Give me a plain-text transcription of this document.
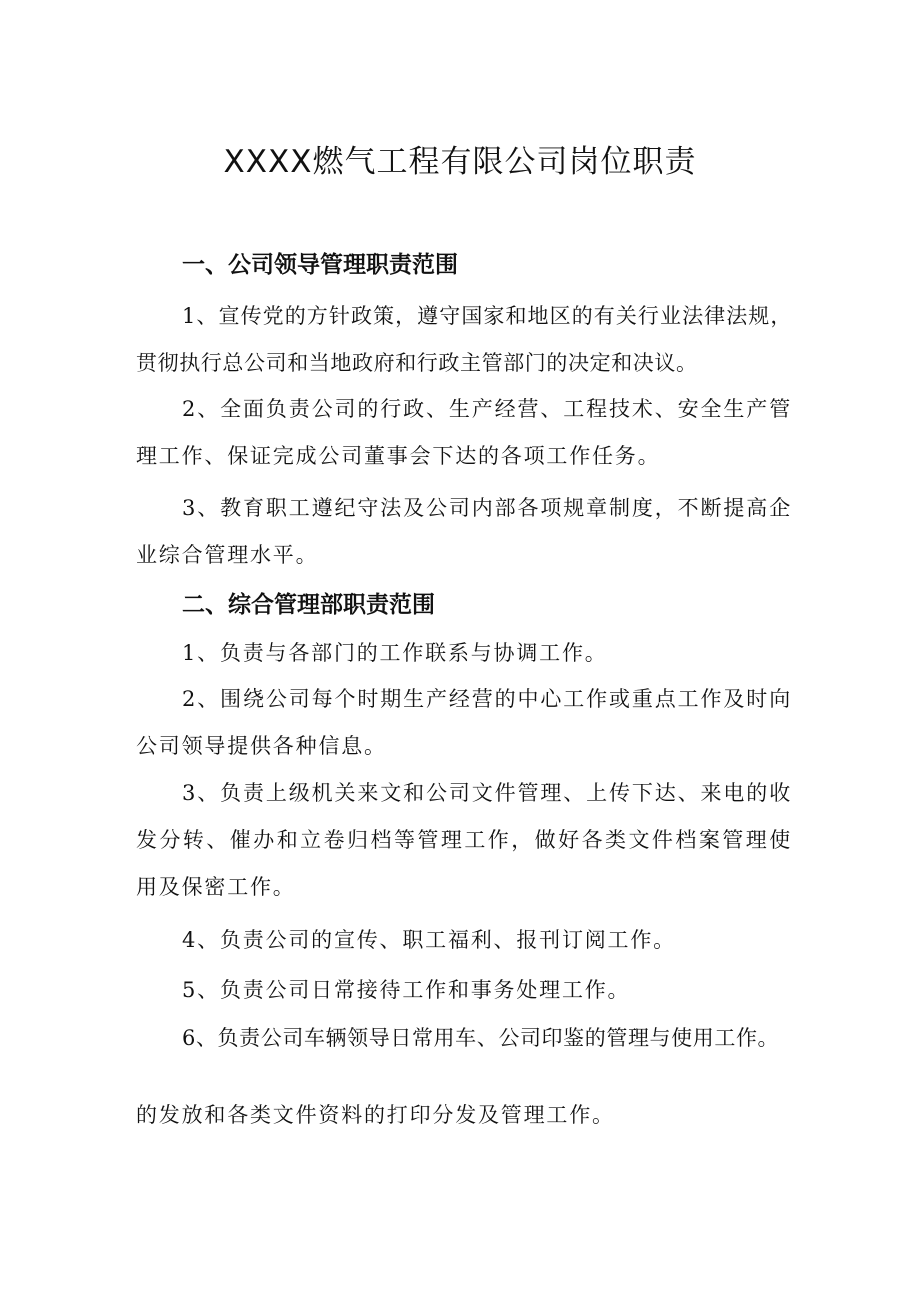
XXXX燃气工程有限公司岗位职责
一、公司领导管理职责范围

1、宣传党的方针政策，遵守国家和地区的有关行业法律法规，贯彻执行总公司和当地政府和行政主管部门的决定和决议。

2、全面负责公司的行政、生产经营、工程技术、安全生产管理工作、保证完成公司董事会下达的各项工作任务。

3、教育职工遵纪守法及公司内部各项规章制度，不断提高企业综合管理水平。

二、综合管理部职责范围

1、负责与各部门的工作联系与协调工作。

2、围绕公司每个时期生产经营的中心工作或重点工作及时向公司领导提供各种信息。

3、负责上级机关来文和公司文件管理、上传下达、来电的收发分转、催办和立卷归档等管理工作，做好各类文件档案管理使用及保密工作。

4、负责公司的宣传、职工福利、报刊订阅工作。

5、负责公司日常接待工作和事务处理工作。

6、负责公司车辆领导日常用车、公司印鉴的管理与使用工作。

的发放和各类文件资料的打印分发及管理工作。
